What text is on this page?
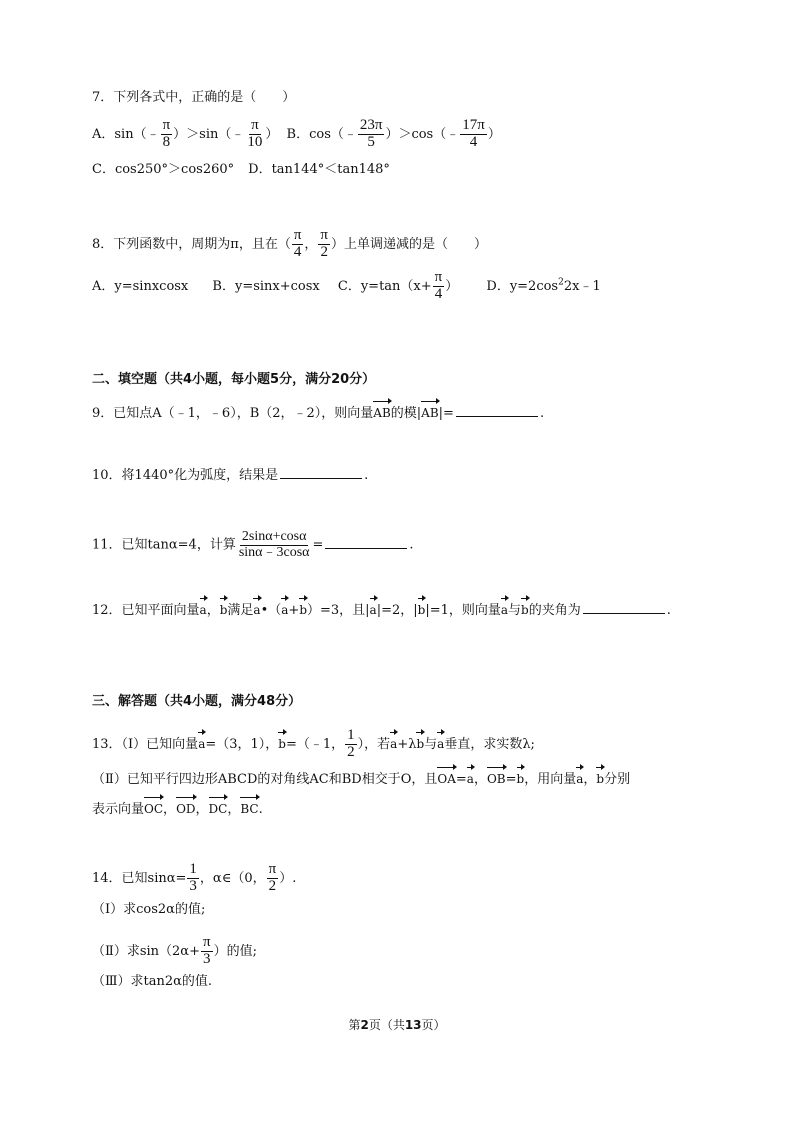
7．下列各式中，正确的是（　　）
A．sin（﹣ $\frac{\pi}{8}$ ）＞sin（﹣ $\frac{\pi}{10}$ ） B．cos（﹣ $\frac{23\pi}{5}$ ）＞cos（﹣ $\frac{17\pi}{4}$ ）
C．cos250°＞cos260° D．tan144°＜tan148°
8．下列函数中，周期为π，且在（ $\frac{\pi}{4}$ ， $\frac{\pi}{2}$ ）上单调递减的是（　　）
A．y=sinxcosx B．y=sinx+cosx C．$y=\tan(x+ \frac{\pi}{4}$ ） D．$y=2\cos^22x﹣1$
二、填空题（共4小题，每小题5分，满分20分）
9．已知点A（﹣1，﹣6），B（2，﹣2），则向量AB的模|AB|=	.
10．将1440°化为弧度，结果是	.
11．已知tanα=4，计算 $\frac{2\sin\alpha+\cos\alpha}{\sin\alpha﹣3\cos\alpha}$ =	.
12．已知平面向量a，b满足a•（a+b）=3，且|a|=2，|b|=1，则向量a与b的夹角为	.
三、解答题（共4小题，满分48分）
13．（Ⅰ）已知向量a=（3，1），b=（﹣1， $\frac{1}{2}$ ），若a+λb与a垂直，求实数λ;
（Ⅱ）已知平行四边形ABCD的对角线AC和BD相交于O，且OA=a，OB=b，用向量a，b分别
表示向量OC，OD，DC，BC.
14．已知$\sin\alpha= \frac{1}{3}$ ，α∈（0， $\frac{\pi}{2}$ ）.
（Ⅰ）求cos2α的值;
（Ⅱ）求$\sin(2\alpha+ \frac{\pi}{3}$ ）的值;
（Ⅲ）求tan2α的值.
第2页（共13页）
